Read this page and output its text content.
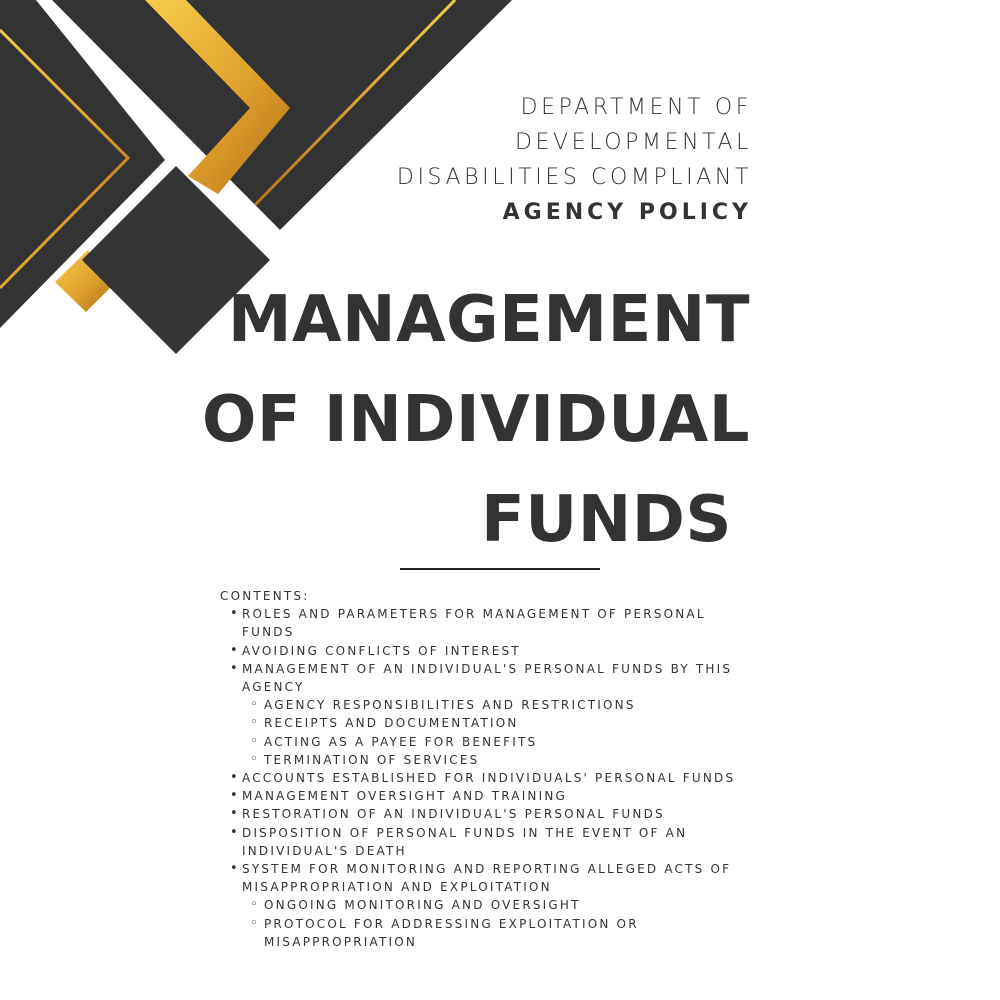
DEPARTMENT OF
DEVELOPMENTAL
DISABILITIES COMPLIANT
AGENCY POLICY
MANAGEMENT
OF INDIVIDUAL
FUNDS
CONTENTS:
• ROLES AND PARAMETERS FOR MANAGEMENT OF PERSONAL FUNDS
• AVOIDING CONFLICTS OF INTEREST
• MANAGEMENT OF AN INDIVIDUAL'S PERSONAL FUNDS BY THIS AGENCY
◦ AGENCY RESPONSIBILITIES AND RESTRICTIONS
◦ RECEIPTS AND DOCUMENTATION
◦ ACTING AS A PAYEE FOR BENEFITS
◦ TERMINATION OF SERVICES
• ACCOUNTS ESTABLISHED FOR INDIVIDUALS' PERSONAL FUNDS
• MANAGEMENT OVERSIGHT AND TRAINING
• RESTORATION OF AN INDIVIDUAL'S PERSONAL FUNDS
• DISPOSITION OF PERSONAL FUNDS IN THE EVENT OF AN INDIVIDUAL'S DEATH
• SYSTEM FOR MONITORING AND REPORTING ALLEGED ACTS OF MISAPPROPRIATION AND EXPLOITATION
◦ ONGOING MONITORING AND OVERSIGHT
◦ PROTOCOL FOR ADDRESSING EXPLOITATION OR MISAPPROPRIATION
